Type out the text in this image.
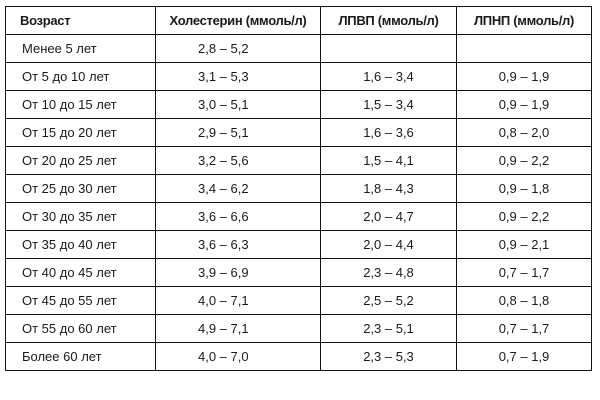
Возраст	Холестерин (ммоль/л)	ЛПВП (ммоль/л)	ЛПНП (ммоль/л)
Менее 5 лет	2,8 – 5,2		
От 5 до 10 лет	3,1 – 5,3	1,6 – 3,4	0,9 – 1,9
От 10 до 15 лет	3,0 – 5,1	1,5 – 3,4	0,9 – 1,9
От 15 до 20 лет	2,9 – 5,1	1,6 – 3,6	0,8 – 2,0
От 20 до 25 лет	3,2 – 5,6	1,5 – 4,1	0,9 – 2,2
От 25 до 30 лет	3,4 – 6,2	1,8 – 4,3	0,9 – 1,8
От 30 до 35 лет	3,6 – 6,6	2,0 – 4,7	0,9 – 2,2
От 35 до 40 лет	3,6 – 6,3	2,0 – 4,4	0,9 – 2,1
От 40 до 45 лет	3,9 – 6,9	2,3 – 4,8	0,7 – 1,7
От 45 до 55 лет	4,0 – 7,1	2,5 – 5,2	0,8 – 1,8
От 55 до 60 лет	4,9 – 7,1	2,3 – 5,1	0,7 – 1,7
Более 60 лет	4,0 – 7,0	2,3 – 5,3	0,7 – 1,9
